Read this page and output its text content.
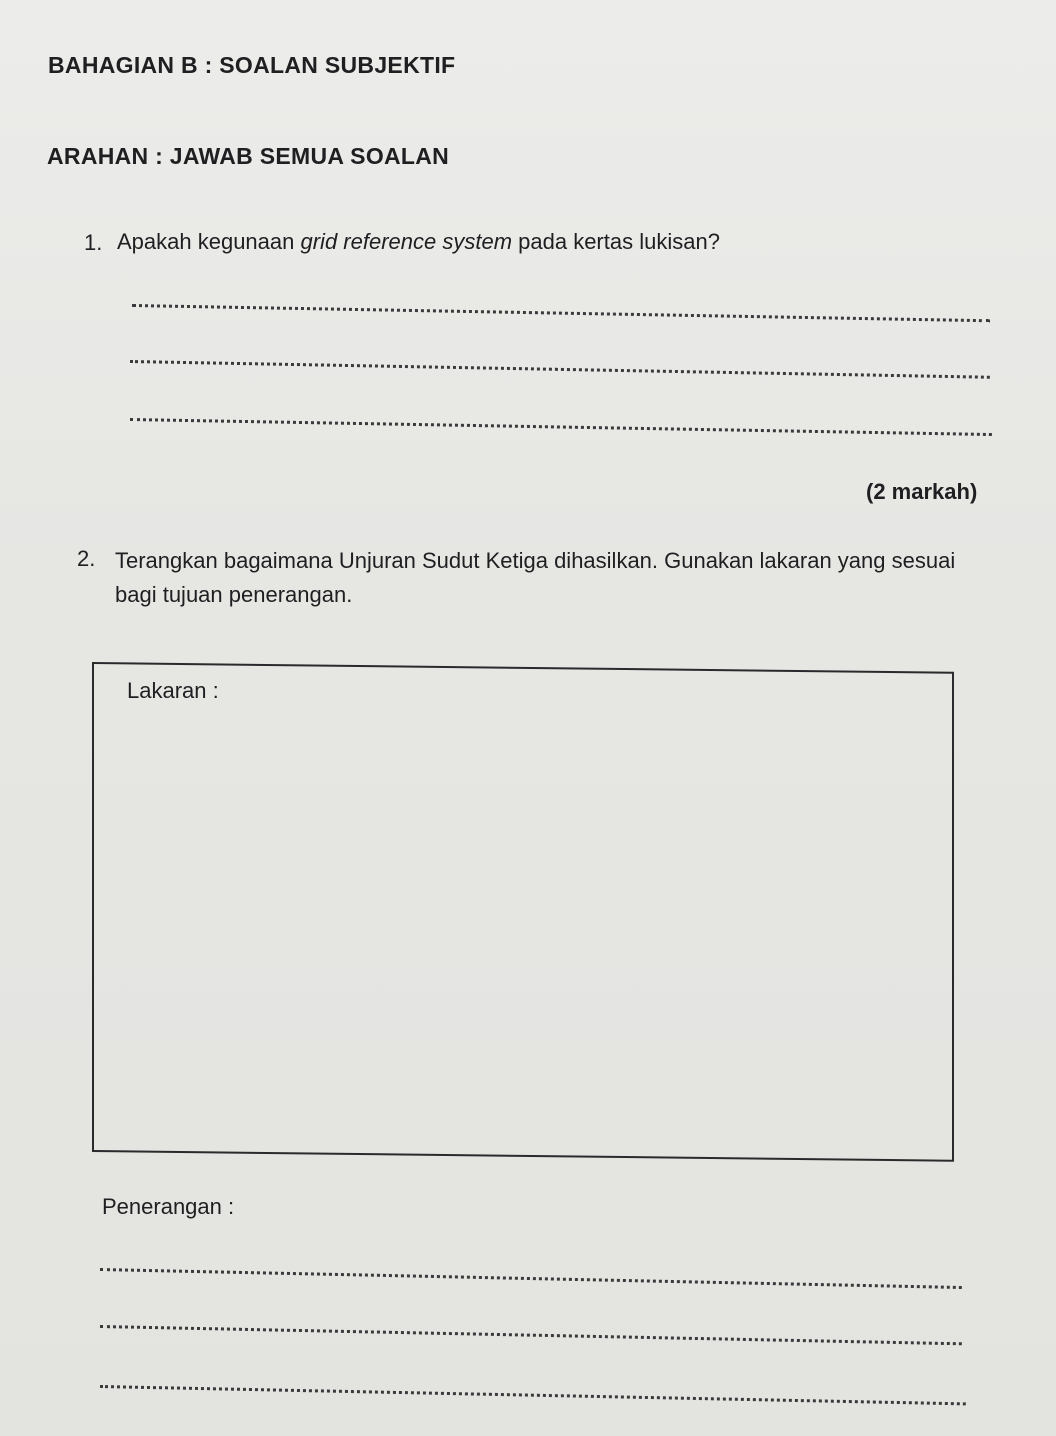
BAHAGIAN B : SOALAN SUBJEKTIF
ARAHAN : JAWAB SEMUA SOALAN
1. Apakah kegunaan grid reference system pada kertas lukisan?
(2 markah)
2. Terangkan bagaimana Unjuran Sudut Ketiga dihasilkan. Gunakan lakaran yang sesuai bagi tujuan penerangan.
Lakaran :
Penerangan :
